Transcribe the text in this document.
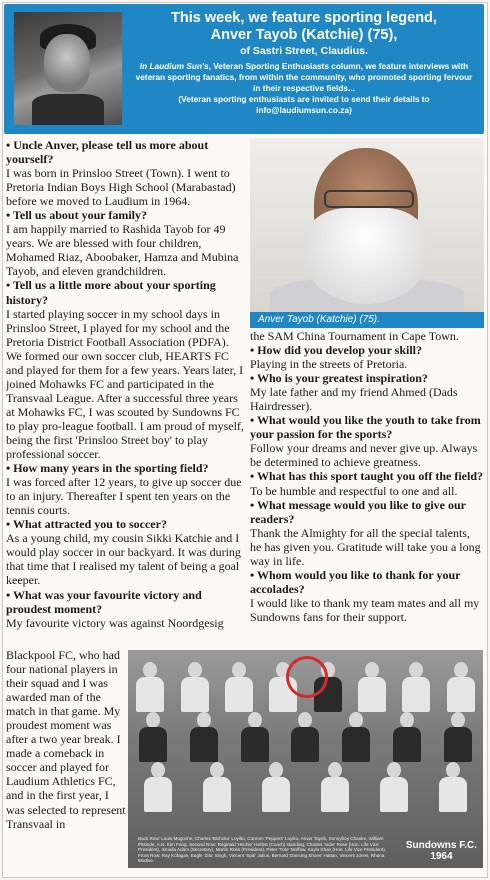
This week, we feature sporting legend,
Anver Tayob (Katchie) (75),
of Sastri Street, Claudius.
In Laudium Sun's, Veteran Sporting Enthusiasts column, we feature interviews with veteran sporting fanatics, from within the community, who promoted sporting fervour in their respective fields...
(Veteran sporting enthusiasts are invited to send their details to info@laudiumsun.co.za)
• Uncle Anver, please tell us more about yourself?
I was born in Prinsloo Street (Town). I went to Pretoria Indian Boys High School (Marabastad) before we moved to Laudium in 1964.
• Tell us about your family?
I am happily married to Rashida Tayob for 49 years. We are blessed with four children, Mohamed Riaz, Aboobaker, Hamza and Mubina Tayob, and eleven grandchildren.
• Tell us a little more about your sporting history?
I started playing soccer in my school days in Prinsloo Street, I played for my school and the Pretoria District Football Association (PDFA). We formed our own soccer club, HEARTS FC and played for them for a few years. Years later, I joined Mohawks FC and participated in the Transvaal League. After a successful three years at Mohawks FC, I was scouted by Sundowns FC to play pro-league football. I am proud of myself, being the first 'Prinsloo Street boy' to play professional soccer.
• How many years in the sporting field?
I was forced after 12 years, to give up soccer due to an injury. Thereafter I spent ten years on the tennis courts.
• What attracted you to soccer?
As a young child, my cousin Sikki Katchie and I would play soccer in our backyard. It was during that time that I realised my talent of being a goal keeper.
• What was your favourite victory and proudest moment?
My favourite victory was against Noordgesig
Anver Tayob (Katchie) (75).
the SAM China Tournament in Cape Town.
• How did you develop your skill?
Playing in the streets of Pretoria.
• Who is your greatest inspiration?
My late father and my friend Ahmed (Dads Hairdresser).
• What would you like the youth to take from your passion for the sports?
Follow your dreams and never give up. Always be determined to achieve greatness.
• What has this sport taught you off the field?
To be humble and respectful to one and all.
• What message would you like to give our readers?
Thank the Almighty for all the special talents, he has given you. Gratitude will take you a long way in life.
• Whom would you like to thank for your accolades?
I would like to thank my team mates and all my Sundowns fans for their support.
Blackpool FC, who had four national players in their squad and I was awarded man of the match in that game. My proudest moment was after a two year break. I made a comeback in soccer and played for Laudium Athletics FC, and in the first year, I was selected to represent Transvaal in
Back Row: Louis Mogoche, Charles 'Bichoko' Loyiko, Conrom 'Peppers' Loyiko, Anver Tayob, Sonnyboy Chauke, William Pitsinde, A.N. Kim Fong. Second Row: Reginald 'Hitchie' Herbst (Coach) standing, Charles 'Iodie' Rose (Hon. Life Vice President), Ismaila Adam (Secretary), Martin Ross (President), Peter 'Tute' Moffow, Kaylo Khan (Hon. Life Vice President). Front Row: Ray Kofagan, Eagle 'Zitu' Singh, Vincent 'Spiti' Julius, Bernard 'Dancing Shoes' Hattan, Vincent Jones, Rhona Modise.
Sundowns F.C.
1964
